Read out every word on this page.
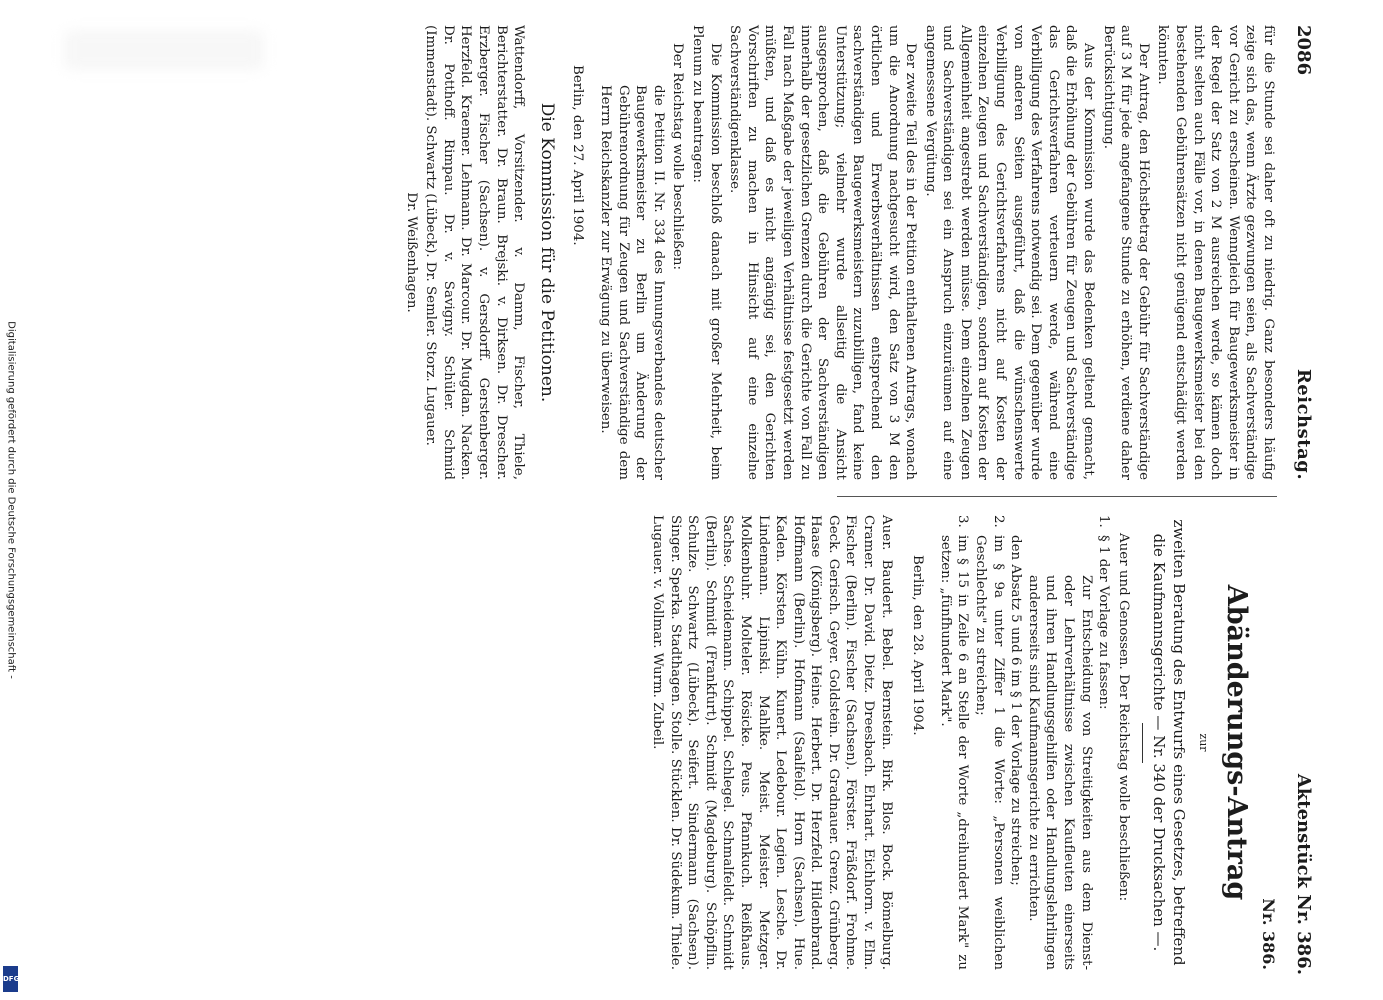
Digitalisierung gefördert durch die Deutsche Forschungsgemeinschaft -
DFG
2086
Reichstag.
Aktenstück Nr. 386.

für die Stunde sei daher oft zu niedrig. Ganz besonders häufig zeige sich das, wenn Ärzte gezwungen seien, als Sachverständige vor Gericht zu erscheinen. Wenngleich für Baugewerksmeister in der Regel der Satz von 2 M ausreichen werde, so kämen doch nicht selten auch Fälle vor, in denen Baugewerksmeister bei den bestehenden Gebührensätzen nicht genügend entschädigt werden könnten.

Der Antrag, den Höchstbetrag der Gebühr für Sachverständige auf 3 M für jede angefangene Stunde zu erhöhen, verdiene daher Berücksichtigung.

Aus der Kommission wurde das Bedenken geltend gemacht, daß die Erhöhung der Gebühren für Zeugen und Sachverständige das Gerichtsverfahren verteuern werde, während eine Verbilligung des Verfahrens notwendig sei. Dem gegenüber wurde von anderen Seiten ausgeführt, daß die wünschenswerte Verbilligung des Gerichtsverfahrens nicht auf Kosten der einzelnen Zeugen und Sachverständigen, sondern auf Kosten der Allgemeinheit angestrebt werden müsse. Dem einzelnen Zeugen und Sachverständigen sei ein Anspruch einzuräumen auf eine angemessene Vergütung.

Der zweite Teil des in der Petition enthaltenen Antrags, wonach um die Anordnung nachgesucht wird, den Satz von 3 M den örtlichen und Erwerbsverhältnissen entsprechend den sachverständigen Baugewerksmeistern zuzubilligen, fand keine Unterstützung; vielmehr wurde allseitig die Ansicht ausgesprochen, daß die Gebühren der Sachverständigen innerhalb der gesetzlichen Grenzen durch die Gerichte von Fall zu Fall nach Maßgabe der jeweiligen Verhältnisse festgesetzt werden müßten, und daß es nicht angängig sei, den Gerichten Vorschriften zu machen in Hinsicht auf eine einzelne Sachverständigenklasse.

Die Kommission beschloß danach mit großer Mehrheit, beim Plenum zu beantragen:

Der Reichstag wolle beschließen:

die Petition II. Nr. 334 des Innungsverbandes deutscher Baugewerksmeister zu Berlin um Änderung der Gebührenordnung für Zeugen und Sachverständige dem Herrn Reichskanzler zur Erwägung zu überweisen.

Berlin, den 27. April 1904.

Die Kommission für die Petitionen.

Wattendorff, Vorsitzender. v. Damm, Fischer, Thiele, Berichterstatter. Dr. Braun. Brejski. v. Dirksen. Dr. Drescher. Erzberger. Fischer (Sachsen). v. Gersdorff. Gerstenberger. Herzfeld. Kraemer. Lehmann. Dr. Marcour. Dr. Mugdan. Nacken. Dr. Potthoff. Rimpau. Dr. v. Savigny. Schüler. Schmid (Immenstadt). Schwartz (Lübeck). Dr. Semler. Storz. Lugauer.

Dr. Weißenhagen.

Nr. 386.

Abänderungs-Antrag

zur

zweiten Beratung des Entwurfs eines Gesetzes, betreffend die Kaufmannsgerichte — Nr. 340 der Drucksachen —.

Auer und Genossen. Der Reichstag wolle beschließen:

1.
§ 1 der Vorlage zu fassen:
Zur Entscheidung von Streitigkeiten aus dem Dienst- oder Lehrverhältnisse zwischen Kaufleuten einerseits und ihren Handlungsgehilfen oder Handlungslehrlingen andererseits sind Kaufmannsgerichte zu errichten.
den Absatz 5 und 6 im § 1 der Vorlage zu streichen;
2.
im § 9a unter Ziffer 1 die Worte: „Personen weiblichen Geschlechts" zu streichen;
3.
im § 15 in Zeile 6 an Stelle der Worte „dreihundert Mark" zu setzen: „fünfhundert Mark".

Berlin, den 28. April 1904.

Auer. Baudert. Bebel. Bernstein. Birk. Blos. Bock. Bömelburg. Cramer. Dr. David. Dietz. Dreesbach. Ehrhart. Eichhorn. v. Elm. Fischer (Berlin). Fischer (Sachsen). Förster. Fräßdorf. Frohme. Geck. Gerisch. Geyer. Goldstein. Dr. Gradnauer. Grenz. Grünberg. Haase (Königsberg). Heine. Herbert. Dr. Herzfeld. Hildenbrand. Hoffmann (Berlin). Hofmann (Saalfeld). Horn (Sachsen). Hue. Kaden. Körsten. Kühn. Kunert. Ledebour. Legien. Lesche. Dr. Lindemann. Lipinski. Mahlke. Meist. Meister. Metzger. Molkenbuhr. Molteler. Rösicke. Peus. Pfannkuch. Reißhaus. Sachse. Scheidemann. Schippel. Schlegel. Schmalfeldt. Schmidt (Berlin). Schmidt (Frankfurt). Schmidt (Magdeburg). Schöpflin. Schulze. Schwartz (Lübeck). Seifert. Sindermann (Sachsen). Singer. Sperka. Stadthagen. Stolle. Stücklen. Dr. Südekum. Thiele. Lugauer. v. Vollmar. Wurm. Zubeil.
